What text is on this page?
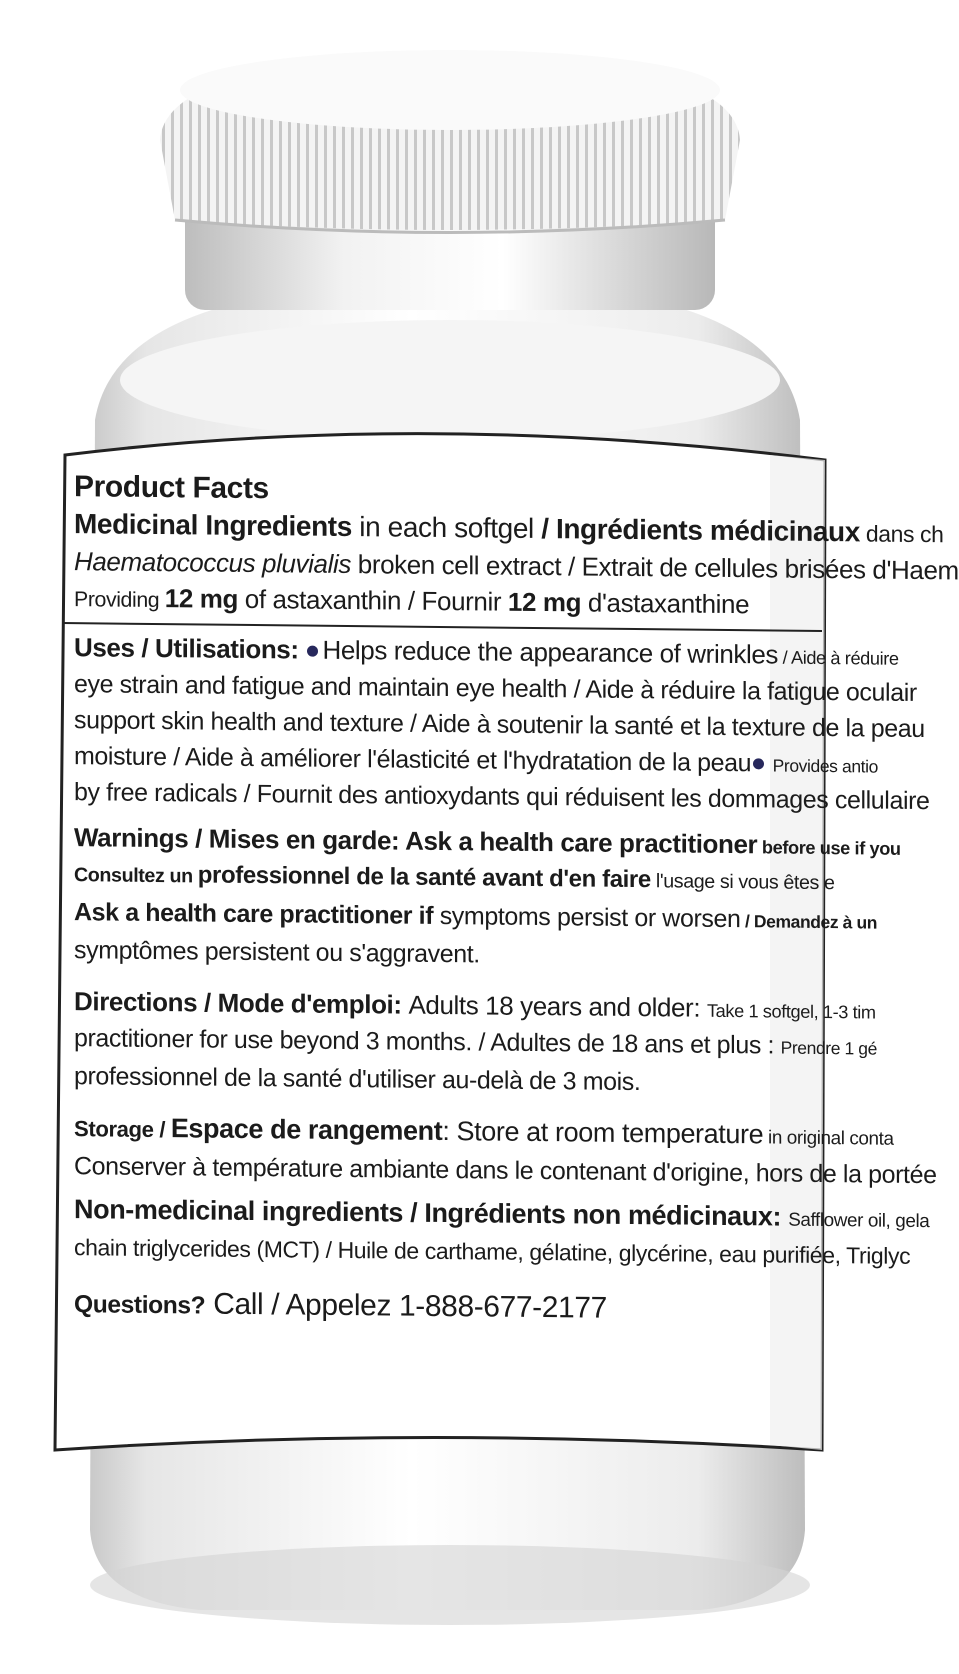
Product Facts
Medicinal Ingredients in each softgel / Ingrédients médicinaux dans ch
Haematococcus pluvialis broken cell extract / Extrait de cellules brisées d'Haem
Providing 12 mg of astaxanthin / Fournir 12 mg d'astaxanthine
Uses / Utilisations: Helps reduce the appearance of wrinkles / Aide à réduire
eye strain and fatigue and maintain eye health / Aide à réduire la fatigue oculair
support skin health and texture / Aide à soutenir la santé et la texture de la peau
moisture / Aide à améliorer l'élasticité et l'hydratation de la peau Provides antio
by free radicals / Fournit des antioxydants qui réduisent les dommages cellulaire
Warnings / Mises en garde: Ask a health care practitioner before use if you
Consultez un professionnel de la santé avant d'en faire l'usage si vous êtes e
Ask a health care practitioner if symptoms persist or worsen / Demandez à un
symptômes persistent ou s'aggravent.
Directions / Mode d'emploi: Adults 18 years and older: Take 1 softgel, 1-3 tim
practitioner for use beyond 3 months. / Adultes de 18 ans et plus : Prendre 1 gé
professionnel de la santé d'utiliser au-delà de 3 mois.
Storage / Espace de rangement: Store at room temperature in original conta
Conserver à température ambiante dans le contenant d'origine, hors de la portée
Non-medicinal ingredients / Ingrédients non médicinaux: Safflower oil, gela
chain triglycerides (MCT) / Huile de carthame, gélatine, glycérine, eau purifiée, Triglyc
Questions? Call / Appelez 1-888-677-2177
